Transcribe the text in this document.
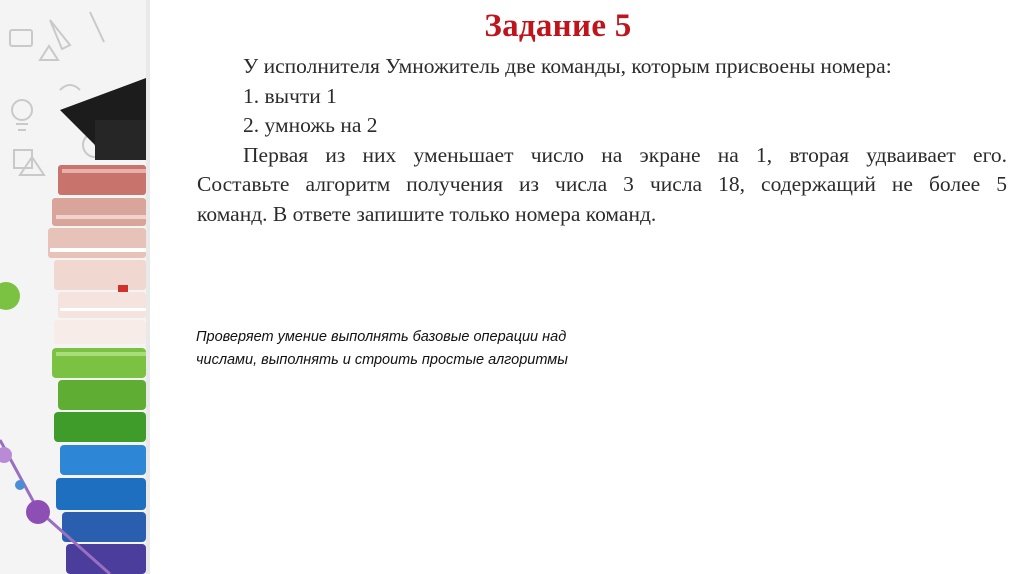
Задание 5
У исполнителя Умножитель две команды, которым присвоены номера:
1. вычти 1
2. умножь на 2
Первая из них уменьшает число на экране на 1, вторая удваивает его.
Составьте алгоритм получения из числа 3 числа 18, содержащий не более 5
команд. В ответе запишите только номера команд.
Проверяет умение выполнять базовые операции над
числами, выполнять и строить простые алгоритмы
